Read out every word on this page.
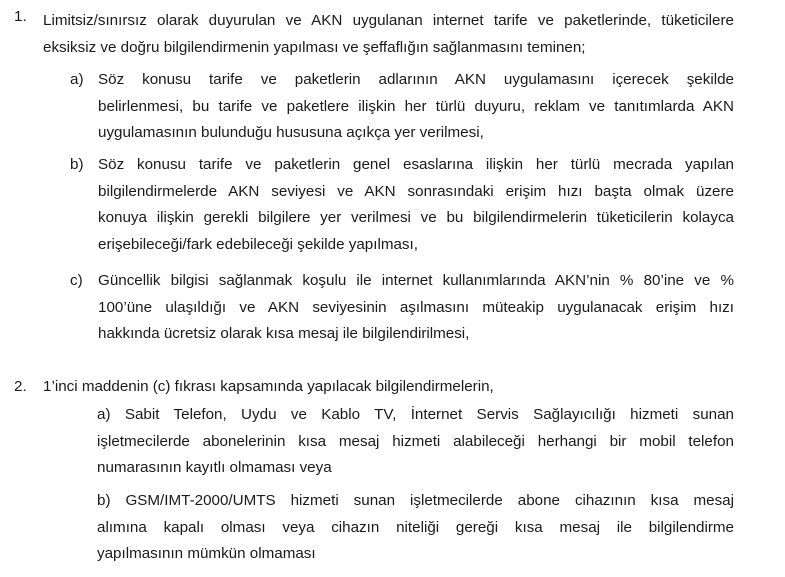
1.	Limitsiz/sınırsız olarak duyurulan ve AKN uygulanan internet tarife ve paketlerinde, tüketicilere
eksiksiz ve doğru bilgilendirmenin yapılması ve şeffaflığın sağlanmasını teminen;
a) Söz konusu tarife ve paketlerin adlarının AKN uygulamasını içerecek şekilde
belirlenmesi, bu tarife ve paketlere ilişkin her türlü duyuru, reklam ve tanıtımlarda AKN
uygulamasının bulunduğu hususuna açıkça yer verilmesi,
b) Söz konusu tarife ve paketlerin genel esaslarına ilişkin her türlü mecrada yapılan
bilgilendirmelerde AKN seviyesi ve AKN sonrasındaki erişim hızı başta olmak üzere
konuya ilişkin gerekli bilgilere yer verilmesi ve bu bilgilendirmelerin tüketicilerin kolayca
erişebileceği/fark edebileceği şekilde yapılması,
c)	Güncellik bilgisi sağlanmak koşulu ile internet kullanımlarında AKN’nin % 80’ine ve %
100’üne ulaşıldığı ve AKN seviyesinin aşılmasını müteakip uygulanacak erişim hızı
hakkında ücretsiz olarak kısa mesaj ile bilgilendirilmesi,
2.	1’inci maddenin (c) fıkrası kapsamında yapılacak bilgilendirmelerin,
a) Sabit Telefon, Uydu ve Kablo TV, İnternet Servis Sağlayıcılığı hizmeti sunan
işletmecilerde abonelerinin kısa mesaj hizmeti alabileceği herhangi bir mobil telefon
numarasının kayıtlı olmaması veya
b) GSM/IMT-2000/UMTS hizmeti sunan işletmecilerde abone cihazının kısa mesaj
alımına kapalı olması veya cihazın niteliği gereği kısa mesaj ile bilgilendirme
yapılmasının mümkün olmaması
